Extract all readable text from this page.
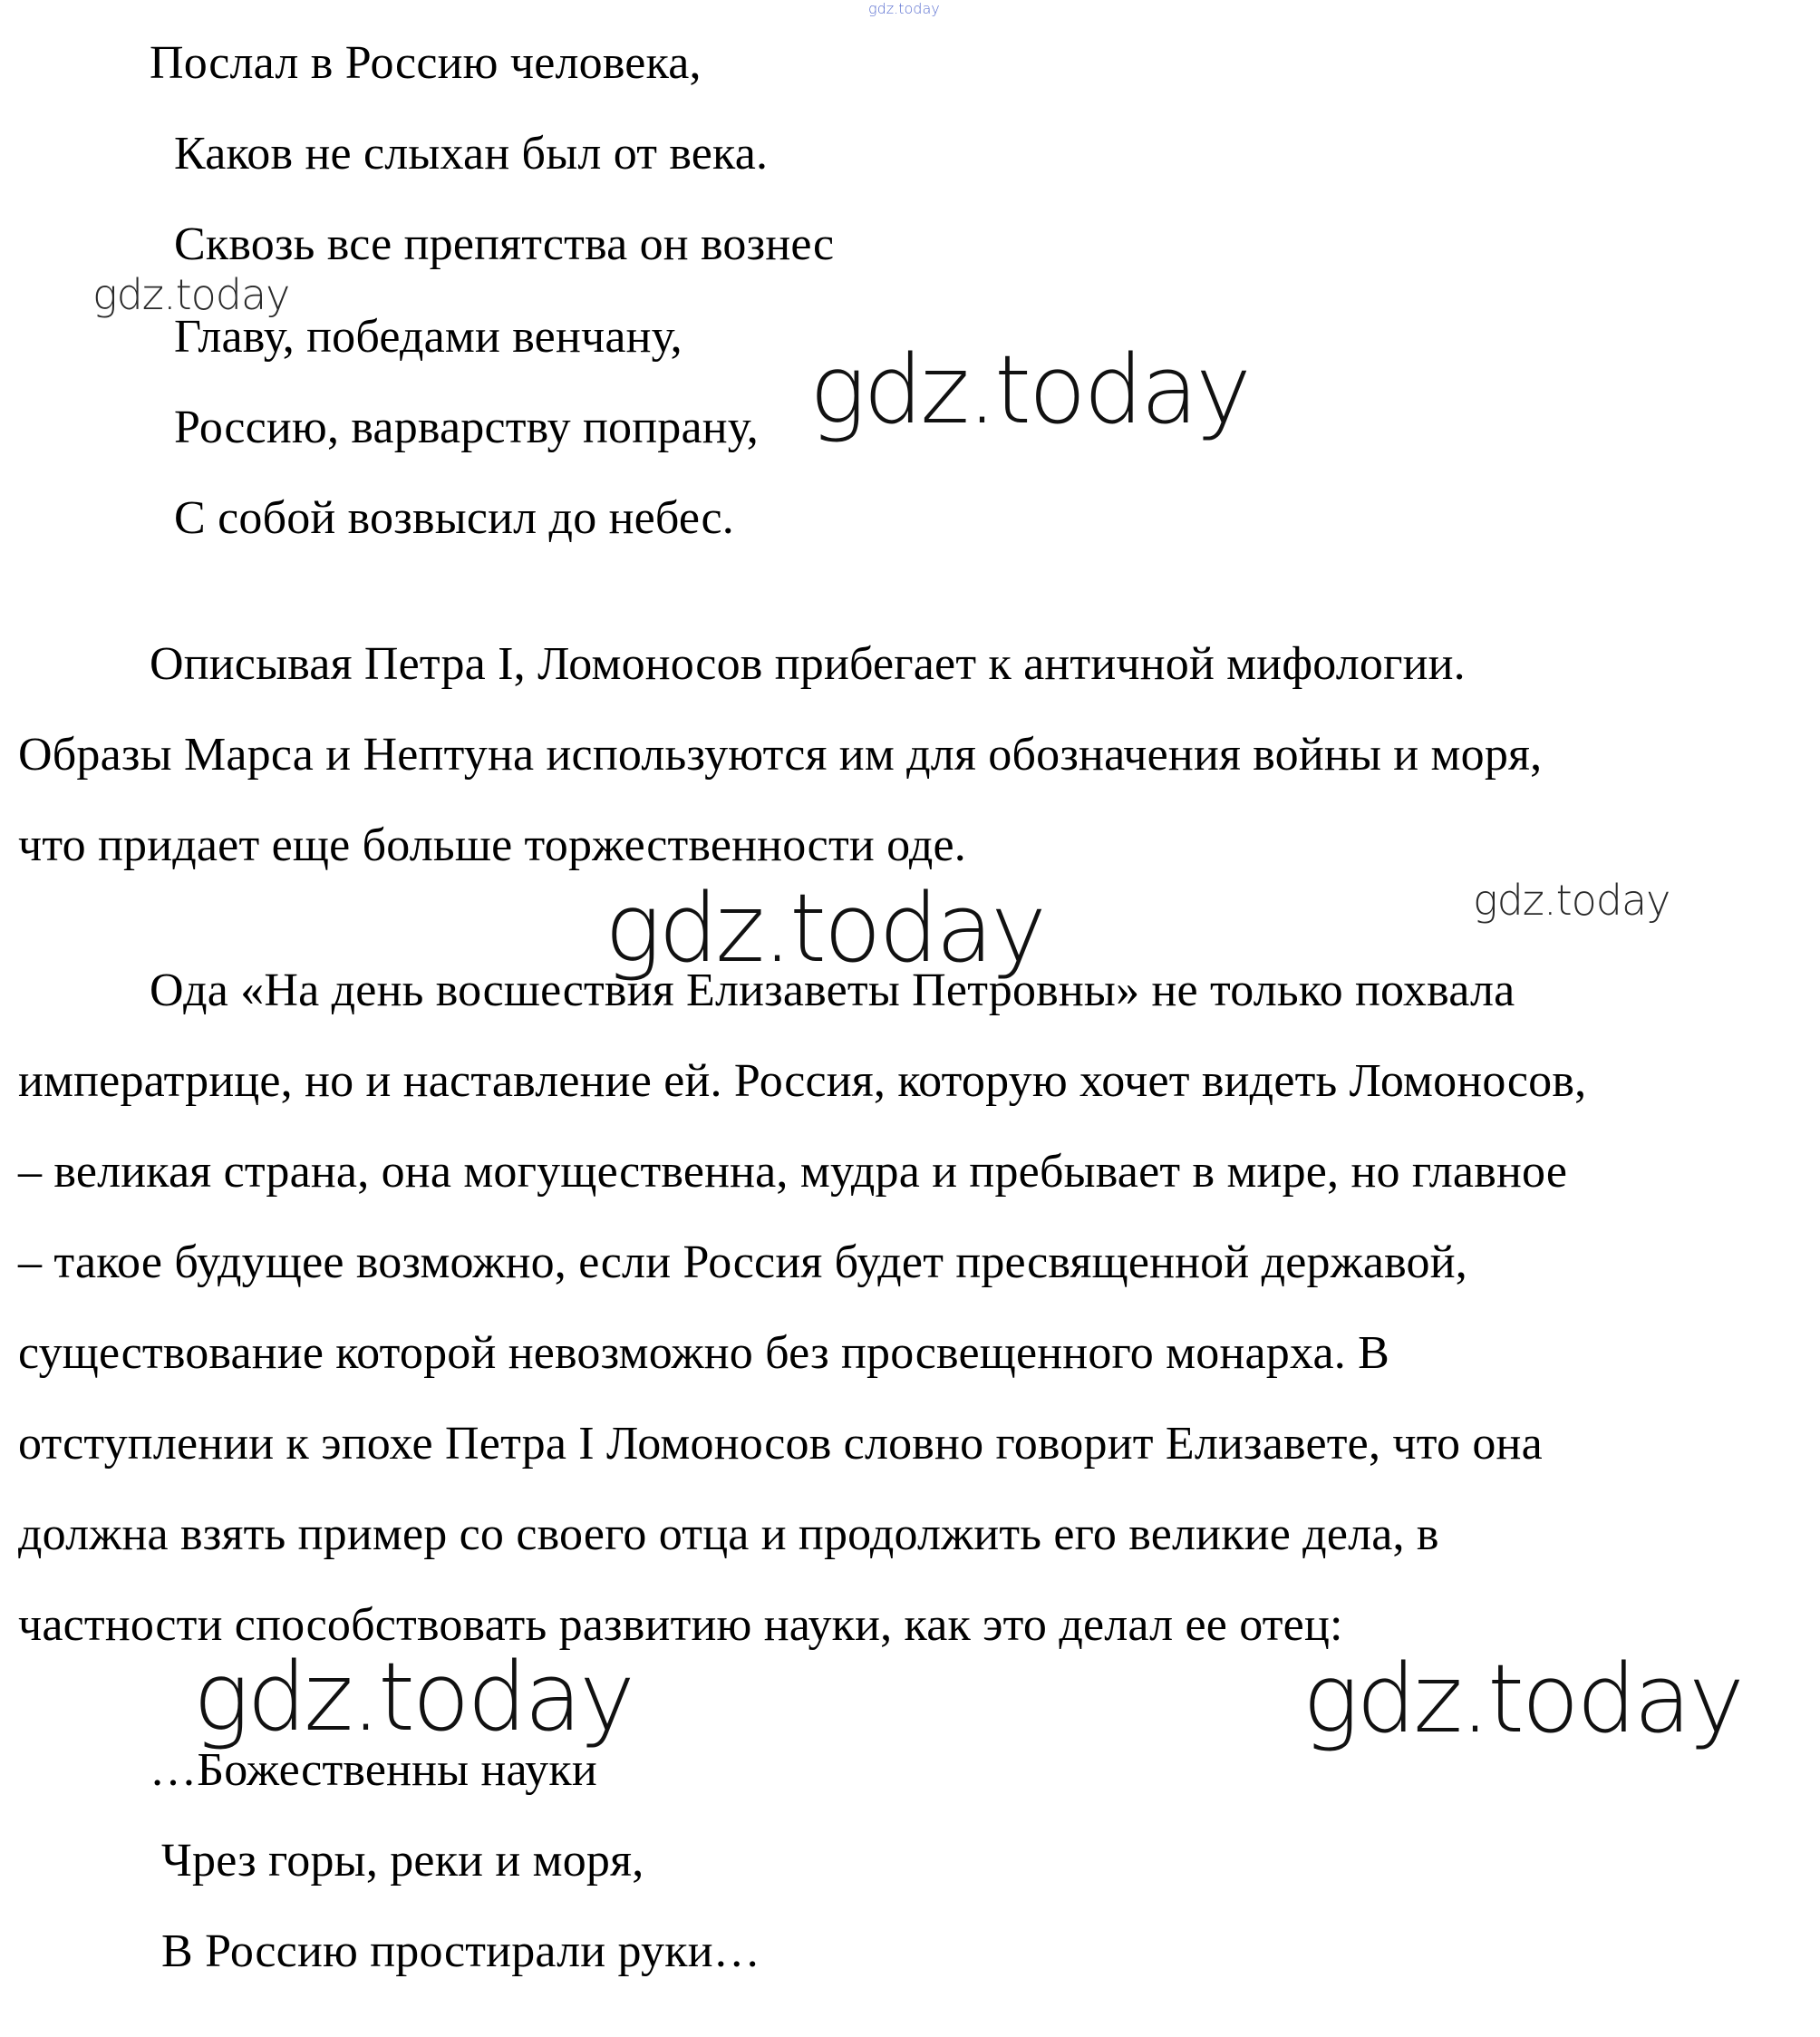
gdz.today
gdz.today
gdz.today
gdz.today	gdz.today
gdz.today	gdz.today
Послал в Россию человека,
Каков не слыхан был от века.
Сквозь все препятства он вознес
Главу, победами венчану,
Россию, варварству попрану,
С собой возвысил до небес.
Описывая Петра I, Ломоносов прибегает к античной мифологии.
Образы Марса и Нептуна используются им для обозначения войны и моря,
что придает еще больше торжественности оде.
Ода «На день восшествия Елизаветы Петровны» не только похвала
императрице, но и наставление ей. Россия, которую хочет видеть Ломоносов,
– великая страна, она могущественна, мудра и пребывает в мире, но главное
– такое будущее возможно, если Россия будет пресвященной державой,
существование которой невозможно без просвещенного монарха. В
отступлении к эпохе Петра I Ломоносов словно говорит Елизавете, что она
должна взять пример со своего отца и продолжить его великие дела, в
частности способствовать развитию науки, как это делал ее отец:
…Божественны науки
Чрез горы, реки и моря,
В Россию простирали руки…
